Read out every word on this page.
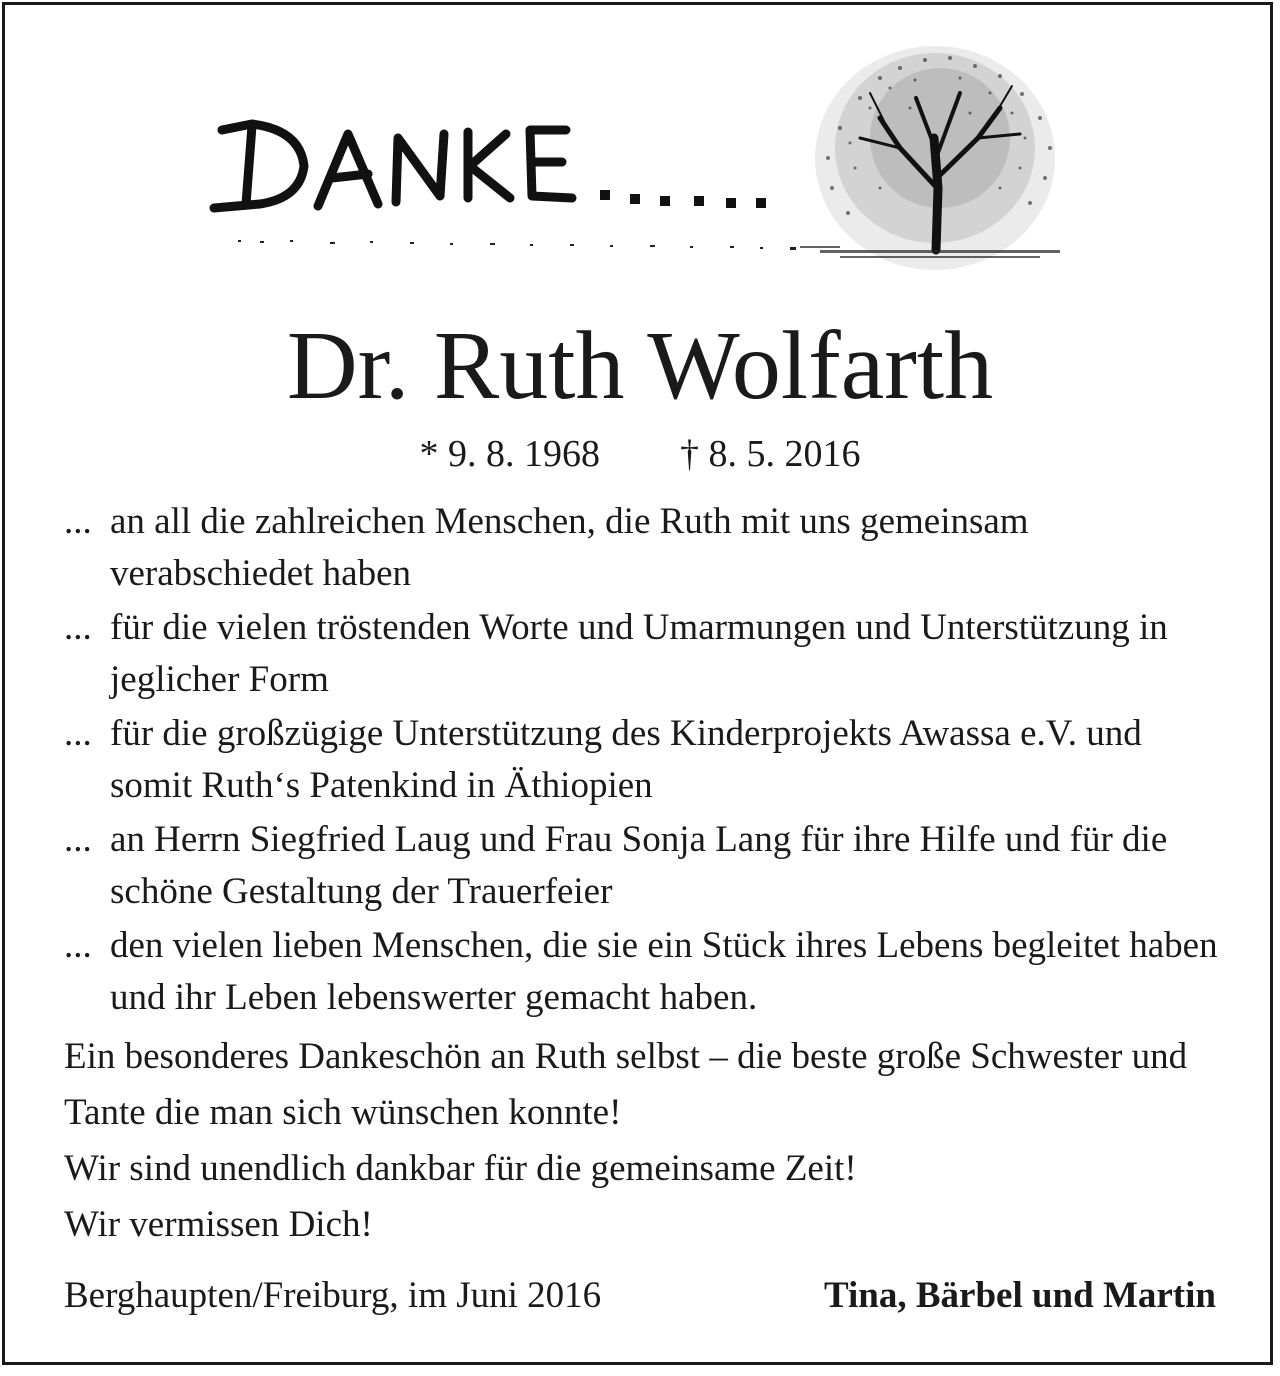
Dr. Ruth Wolfarth
* 9. 8. 1968 † 8. 5. 2016
... an all die zahlreichen Menschen, die Ruth mit uns gemeinsam verabschiedet haben
... für die vielen tröstenden Worte und Umarmungen und Unterstützung in jeglicher Form
... für die großzügige Unterstützung des Kinderprojekts Awassa e.V. und somit Ruth‘s Patenkind in Äthiopien
... an Herrn Siegfried Laug und Frau Sonja Lang für ihre Hilfe und für die schöne Gestaltung der Trauerfeier
... den vielen lieben Menschen, die sie ein Stück ihres Lebens begleitet haben und ihr Leben lebenswerter gemacht haben.

Ein besonderes Dankeschön an Ruth selbst – die beste große Schwester und Tante die man sich wünschen konnte!

Wir sind unendlich dankbar für die gemeinsame Zeit!

Wir vermissen Dich!

Berghaupten/Freiburg, im Juni 2016	Tina, Bärbel und Martin
